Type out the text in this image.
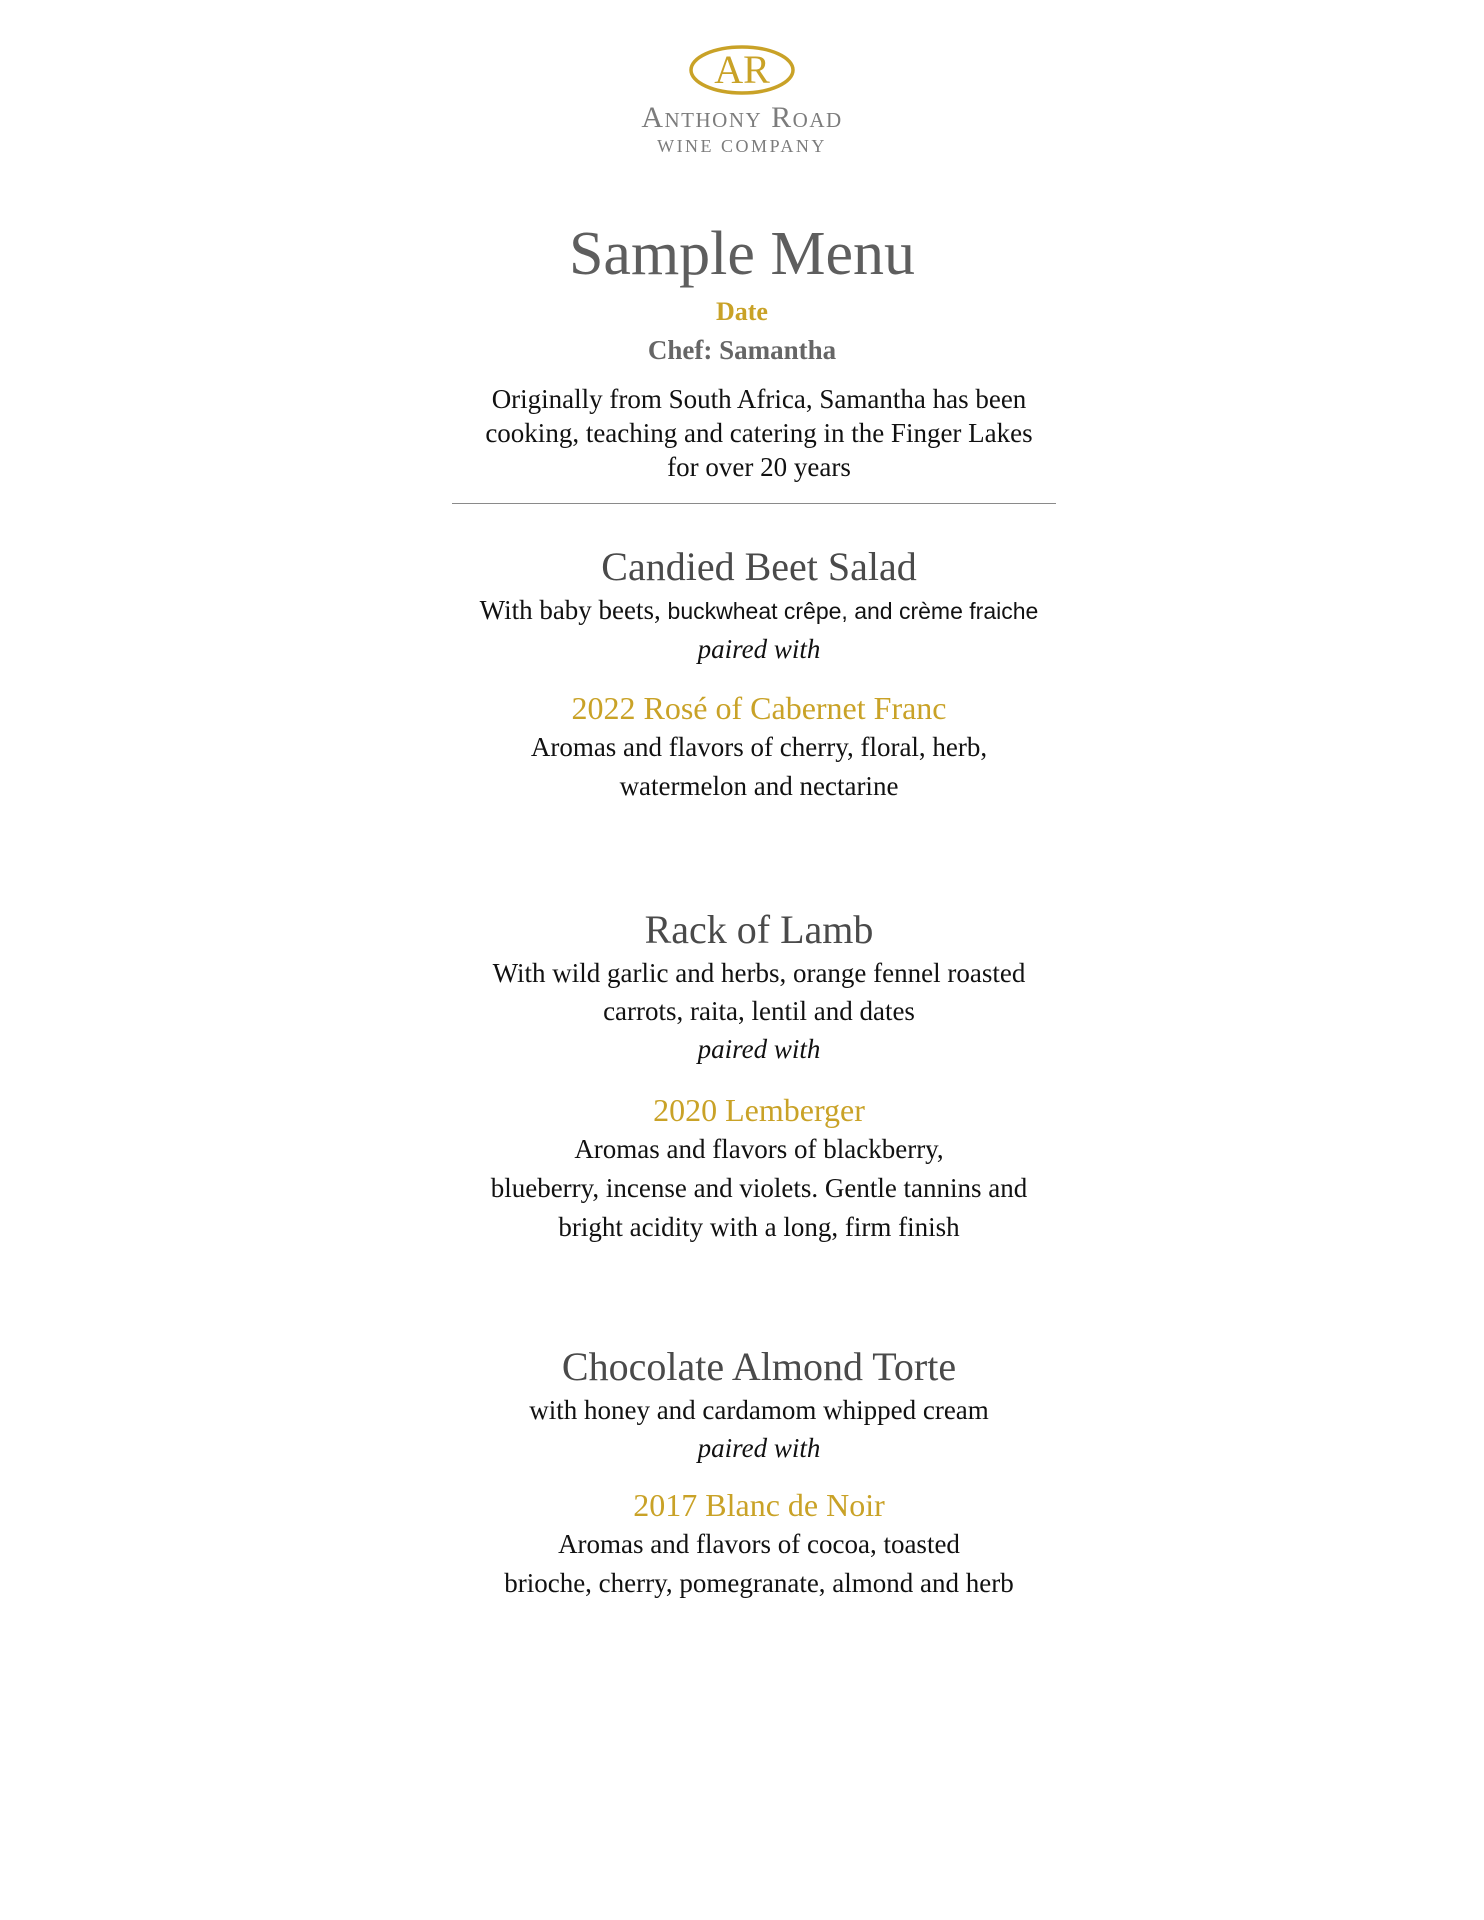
AR
Anthony Road
WINE COMPANY
Sample Menu
Date
Chef: Samantha
Originally from South Africa, Samantha has been
cooking, teaching and catering in the Finger Lakes
for over 20 years

Candied Beet Salad

With baby beets, buckwheat crêpe, and crème fraiche

paired with

2022 Rosé of Cabernet Franc

Aromas and flavors of cherry, floral, herb,

watermelon and nectarine

Rack of Lamb

With wild garlic and herbs, orange fennel roasted

carrots, raita, lentil and dates

paired with

2020 Lemberger

Aromas and flavors of blackberry,

blueberry, incense and violets. Gentle tannins and

bright acidity with a long, firm finish

Chocolate Almond Torte

with honey and cardamom whipped cream

paired with

2017 Blanc de Noir

Aromas and flavors of cocoa, toasted

brioche, cherry, pomegranate, almond and herb
